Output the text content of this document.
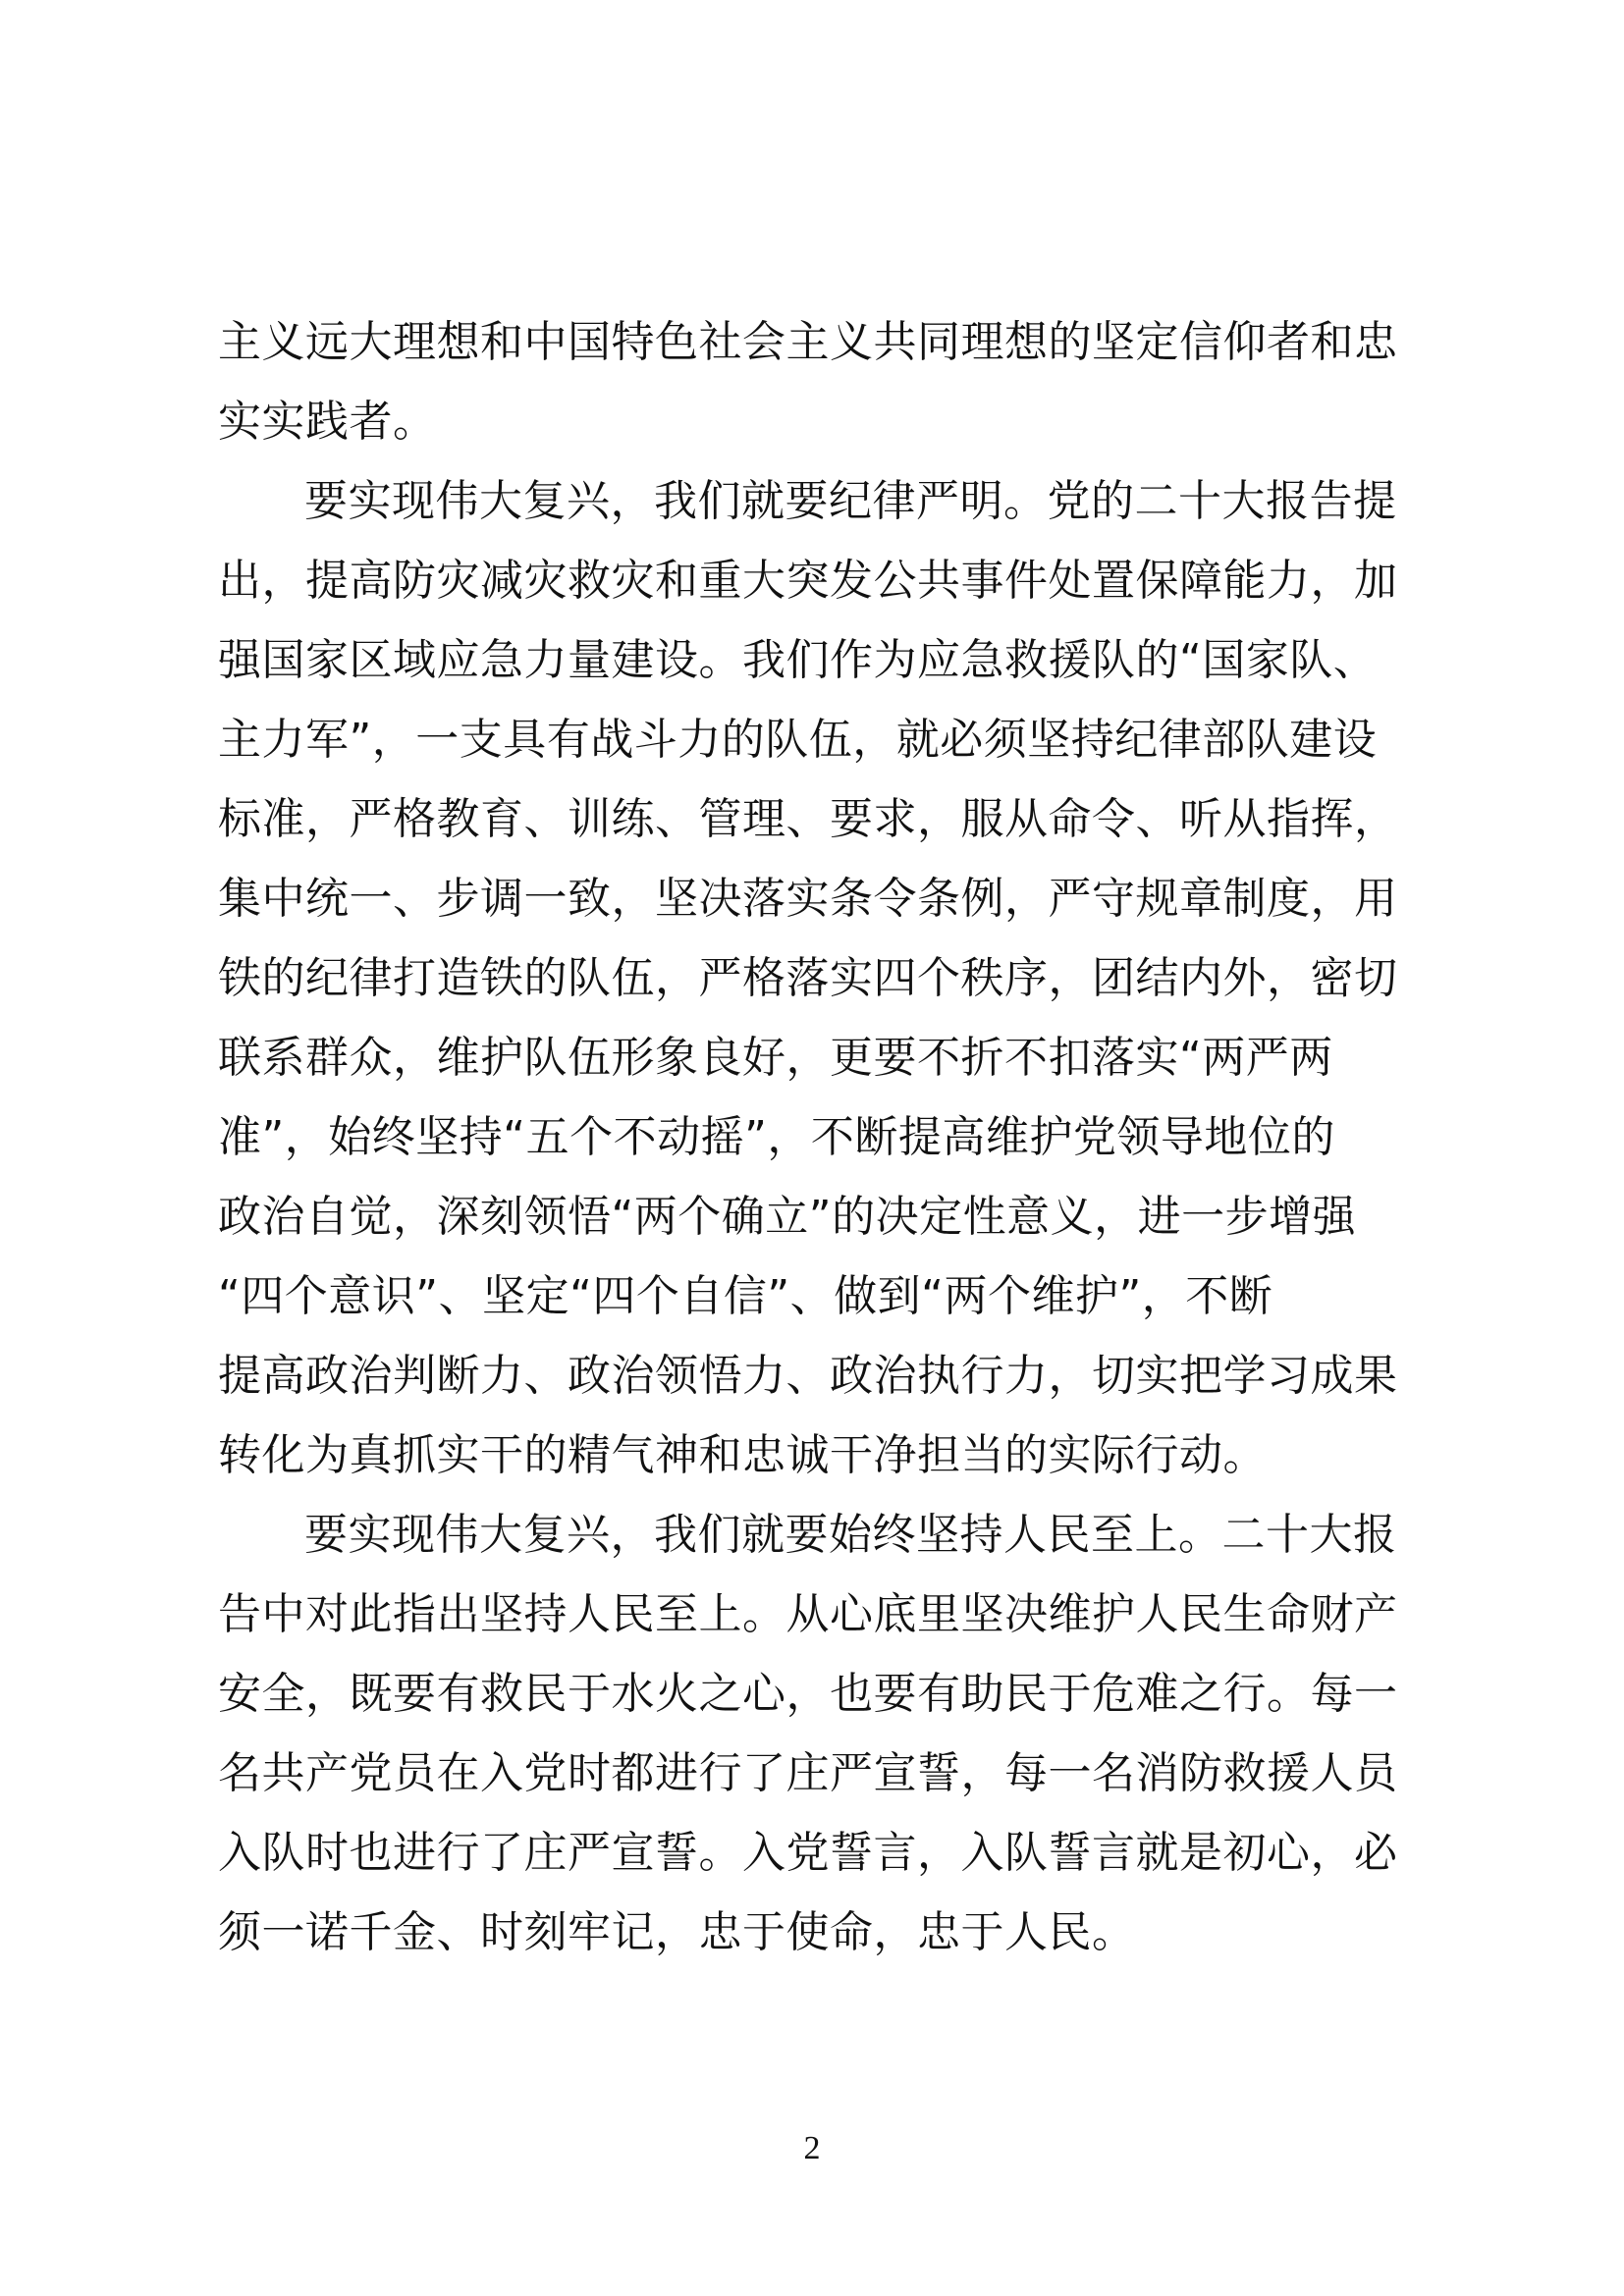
主义远大理想和中国特色社会主义共同理想的坚定信仰者和忠
实实践者。
要实现伟大复兴，我们就要纪律严明。党的二十大报告提
出，提高防灾减灾救灾和重大突发公共事件处置保障能力，加
强国家区域应急力量建设。我们作为应急救援队的“国家队、
主力军”，一支具有战斗力的队伍，就必须坚持纪律部队建设
标准，严格教育、训练、管理、要求，服从命令、听从指挥，
集中统一、步调一致，坚决落实条令条例，严守规章制度，用
铁的纪律打造铁的队伍，严格落实四个秩序，团结内外，密切
联系群众，维护队伍形象良好，更要不折不扣落实“两严两
准”，始终坚持“五个不动摇”，不断提高维护党领导地位的
政治自觉，深刻领悟“两个确立”的决定性意义，进一步增强
“四个意识”、坚定“四个自信”、做到“两个维护”，不断
提高政治判断力、政治领悟力、政治执行力，切实把学习成果
转化为真抓实干的精气神和忠诚干净担当的实际行动。
要实现伟大复兴，我们就要始终坚持人民至上。二十大报
告中对此指出坚持人民至上。从心底里坚决维护人民生命财产
安全，既要有救民于水火之心，也要有助民于危难之行。每一
名共产党员在入党时都进行了庄严宣誓，每一名消防救援人员
入队时也进行了庄严宣誓。入党誓言，入队誓言就是初心，必
须一诺千金、时刻牢记，忠于使命，忠于人民。
2
